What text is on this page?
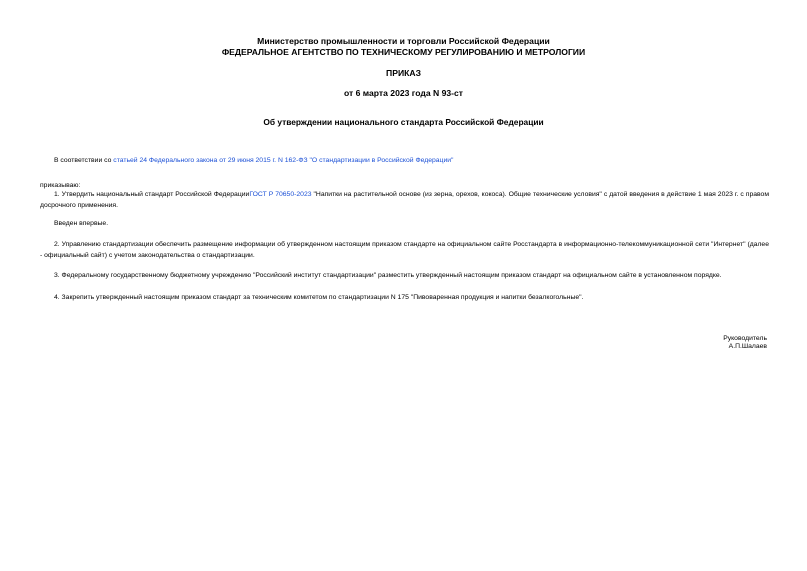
Министерство промышленности и торговли Российской Федерации
ФЕДЕРАЛЬНОЕ АГЕНТСТВО ПО ТЕХНИЧЕСКОМУ РЕГУЛИРОВАНИЮ И МЕТРОЛОГИИ
ПРИКАЗ
от 6 марта 2023 года N 93-ст
Об утверждении национального стандарта Российской Федерации
В соответствии со статьей 24 Федерального закона от 29 июня 2015 г. N 162-ФЗ "О стандартизации в Российской Федерации"
приказываю:
1. Утвердить национальный стандарт Российской ФедерацииГОСТ Р 70650-2023 "Напитки на растительной основе (из зерна, орехов, кокоса). Общие технические условия" с датой введения в действие 1 мая 2023 г. с правом досрочного применения.
Введен впервые.
2. Управлению стандартизации обеспечить размещение информации об утвержденном настоящим приказом стандарте на официальном сайте Росстандарта в информационно-телекоммуникационной сети "Интернет" (далее - официальный сайт) с учетом законодательства о стандартизации.
3. Федеральному государственному бюджетному учреждению "Российский институт стандартизации" разместить утвержденный настоящим приказом стандарт на официальном сайте в установленном порядке.
4. Закрепить утвержденный настоящим приказом стандарт за техническим комитетом по стандартизации N 175 "Пивоваренная продукция и напитки безалкогольные".
Руководитель
А.П.Шалаев
